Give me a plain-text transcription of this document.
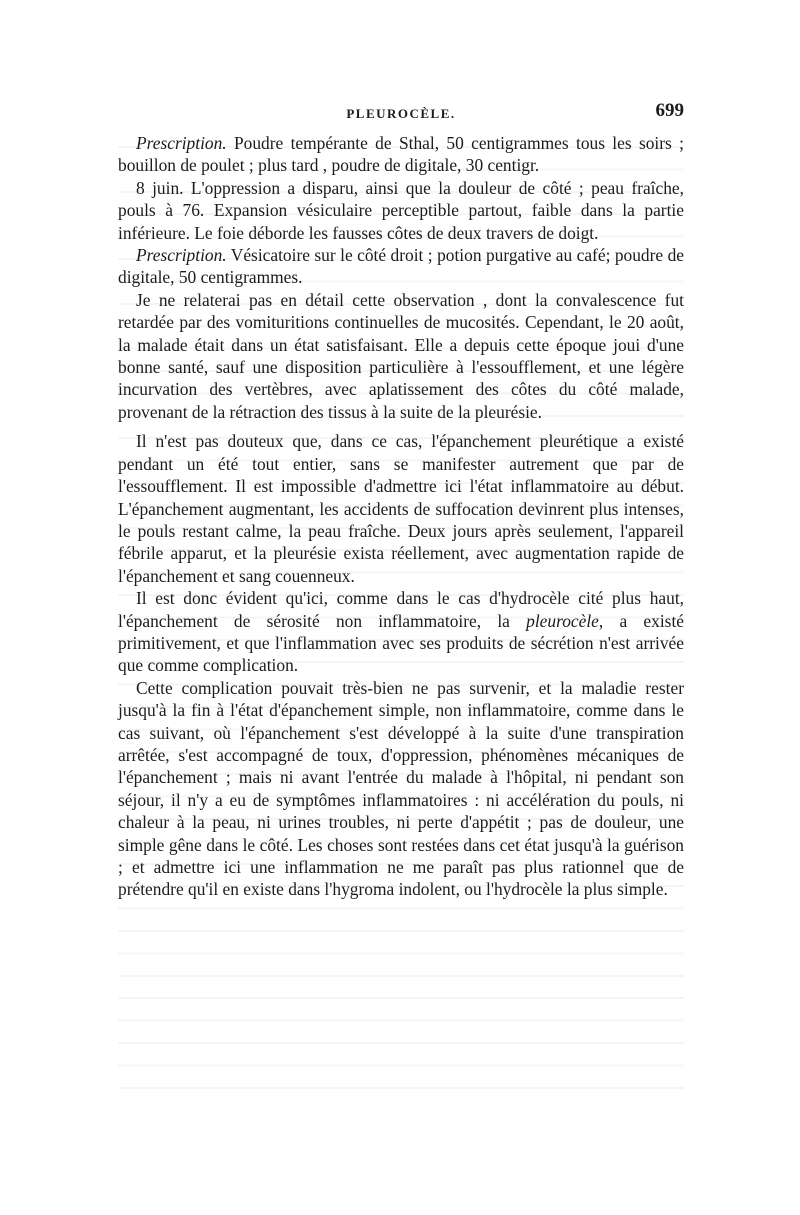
PLEUROCÈLE.	699

Prescription. Poudre tempérante de Sthal, 50 centigrammes tous les soirs ; bouillon de poulet ; plus tard , poudre de digitale, 30 centigr.

8 juin. L'oppression a disparu, ainsi que la douleur de côté ; peau fraîche, pouls à 76. Expansion vésiculaire perceptible partout, faible dans la partie inférieure. Le foie déborde les fausses côtes de deux travers de doigt.

Prescription. Vésicatoire sur le côté droit ; potion purgative au café; poudre de digitale, 50 centigrammes.

Je ne relaterai pas en détail cette observation , dont la convalescence fut retardée par des vomituritions continuelles de mucosités. Cependant, le 20 août, la malade était dans un état satisfaisant. Elle a depuis cette époque joui d'une bonne santé, sauf une disposition particulière à l'essoufflement, et une légère incurvation des vertèbres, avec aplatissement des côtes du côté malade, provenant de la rétraction des tissus à la suite de la pleurésie.

Il n'est pas douteux que, dans ce cas, l'épanchement pleurétique a existé pendant un été tout entier, sans se manifester autrement que par de l'essoufflement. Il est impossible d'admettre ici l'état inflammatoire au début. L'épanchement augmentant, les accidents de suffocation devinrent plus intenses, le pouls restant calme, la peau fraîche. Deux jours après seulement, l'appareil fébrile apparut, et la pleurésie exista réellement, avec augmentation rapide de l'épanchement et sang couenneux.

Il est donc évident qu'ici, comme dans le cas d'hydrocèle cité plus haut, l'épanchement de sérosité non inflammatoire, la pleurocèle, a existé primitivement, et que l'inflammation avec ses produits de sécrétion n'est arrivée que comme complication.

Cette complication pouvait très-bien ne pas survenir, et la maladie rester jusqu'à la fin à l'état d'épanchement simple, non inflammatoire, comme dans le cas suivant, où l'épanchement s'est développé à la suite d'une transpiration arrêtée, s'est accompagné de toux, d'oppression, phénomènes mécaniques de l'épanchement ; mais ni avant l'entrée du malade à l'hôpital, ni pendant son séjour, il n'y a eu de symptômes inflammatoires : ni accélération du pouls, ni chaleur à la peau, ni urines troubles, ni perte d'appétit ; pas de douleur, une simple gêne dans le côté. Les choses sont restées dans cet état jusqu'à la guérison ; et admettre ici une inflammation ne me paraît pas plus rationnel que de prétendre qu'il en existe dans l'hygroma indolent, ou l'hydrocèle la plus simple.
